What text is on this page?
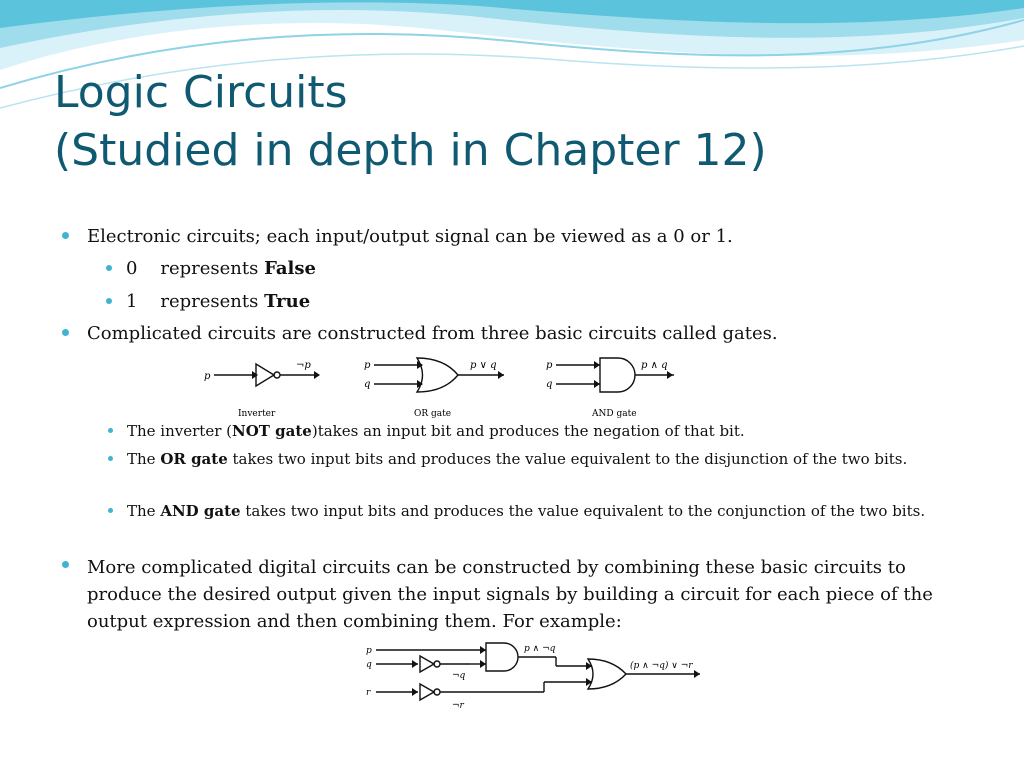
Logic Circuits
(Studied in depth in Chapter 12)
Electronic circuits; each input/output signal can be viewed as a 0 or 1.
0 represents False
1 represents True
Complicated circuits are constructed from three basic circuits called gates.
p
¬p	p
q
p ∨ q	p
q
p ∧ q
Inverter	OR gate	AND gate
The inverter (NOT gate)takes an input bit and produces the negation of that bit.
The OR gate takes two input bits and produces the value equivalent to the disjunction of the two bits.
The AND gate takes two input bits and produces the value equivalent to the conjunction of the two bits.
More complicated digital circuits can be constructed by combining these basic circuits to produce the desired output given the input signals by building a circuit for each piece of the output expression and then combining them. For example:
p
q
r
¬q
¬r
p ∧ ¬q
(p ∧ ¬q) ∨ ¬r
